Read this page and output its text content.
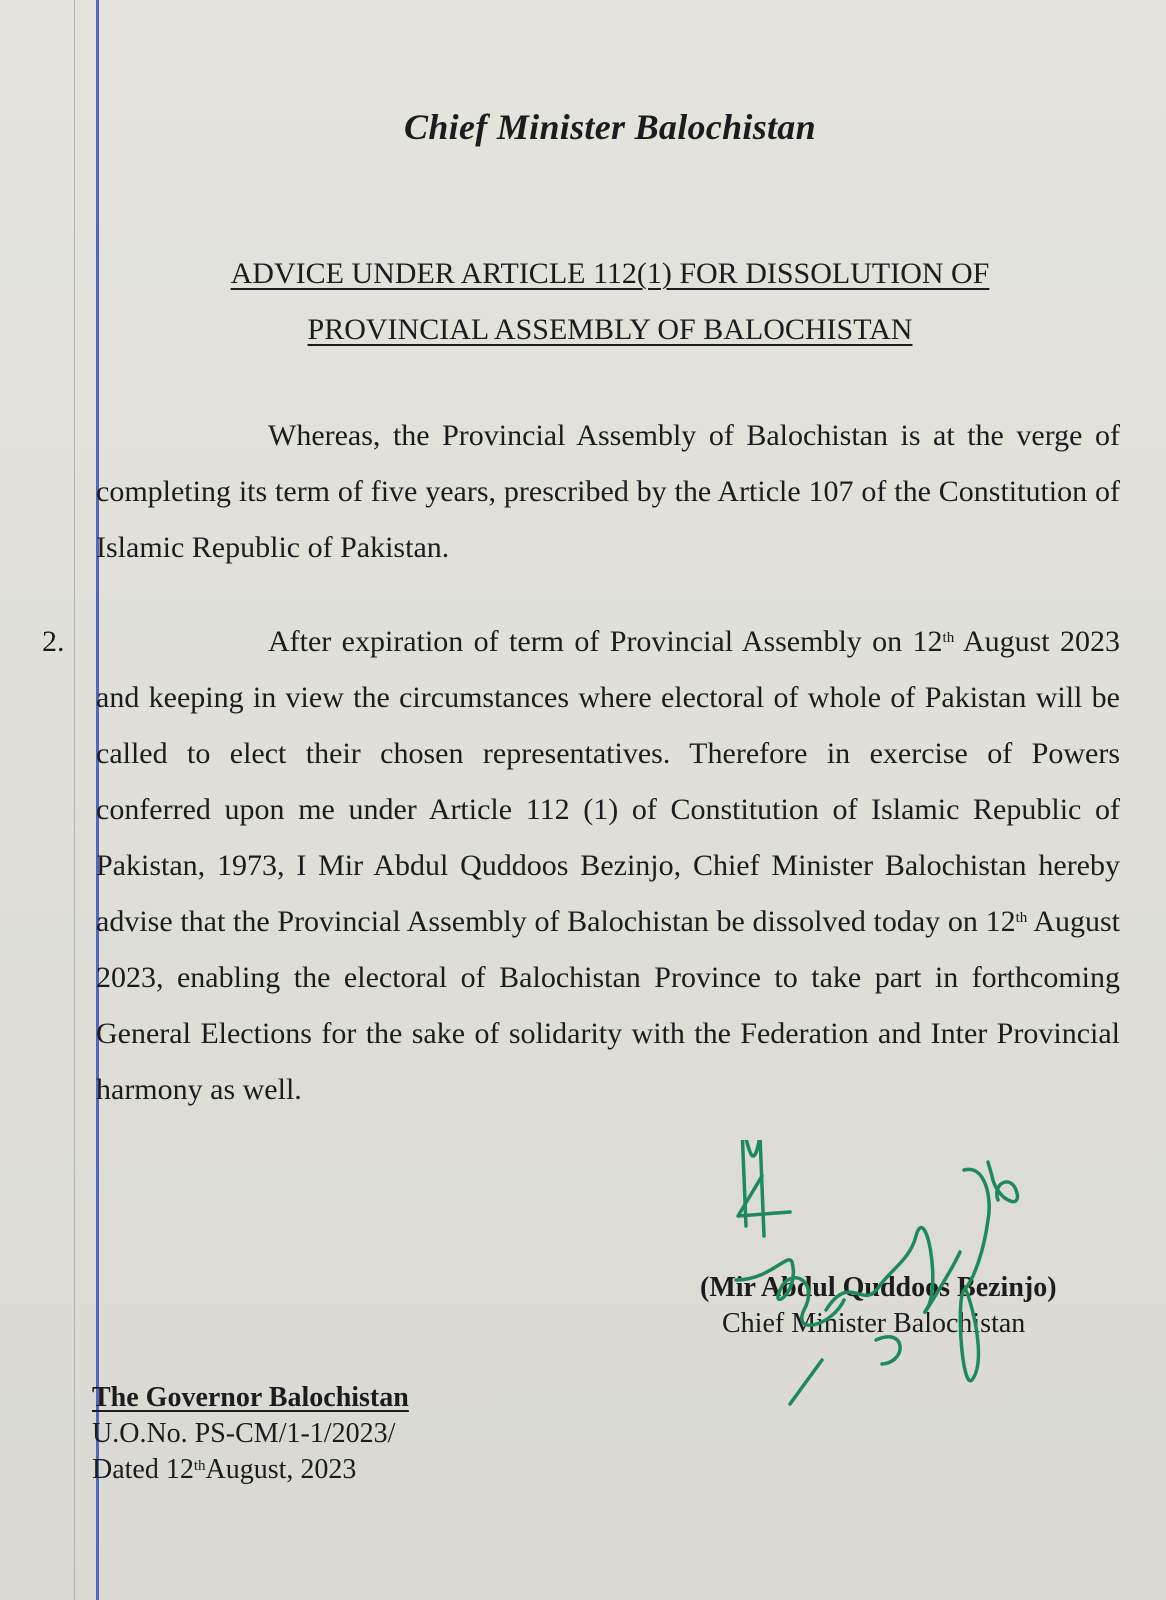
Chief Minister Balochistan
ADVICE UNDER ARTICLE 112(1) FOR DISSOLUTION OF
PROVINCIAL ASSEMBLY OF BALOCHISTAN

Whereas, the Provincial Assembly of Balochistan is at the verge of completing its term of five years, prescribed by the Article 107 of the Constitution of Islamic Republic of Pakistan.

2.	After expiration of term of Provincial Assembly on 12th August 2023 and keeping in view the circumstances where electoral of whole of Pakistan will be called to elect their chosen representatives. Therefore in exercise of Powers conferred upon me under Article 112 (1) of Constitution of Islamic Republic of Pakistan, 1973, I Mir Abdul Quddoos Bezinjo, Chief Minister Balochistan hereby advise that the Provincial Assembly of Balochistan be dissolved today on 12th August 2023, enabling the electoral of Balochistan Province to take part in forthcoming General Elections for the sake of solidarity with the Federation and Inter Provincial harmony as well.

(Mir Abdul Quddoos Bezinjo)
Chief Minister Balochistan
The Governor Balochistan
U.O.No. PS-CM/1-1/2023/
Dated 12thAugust, 2023
